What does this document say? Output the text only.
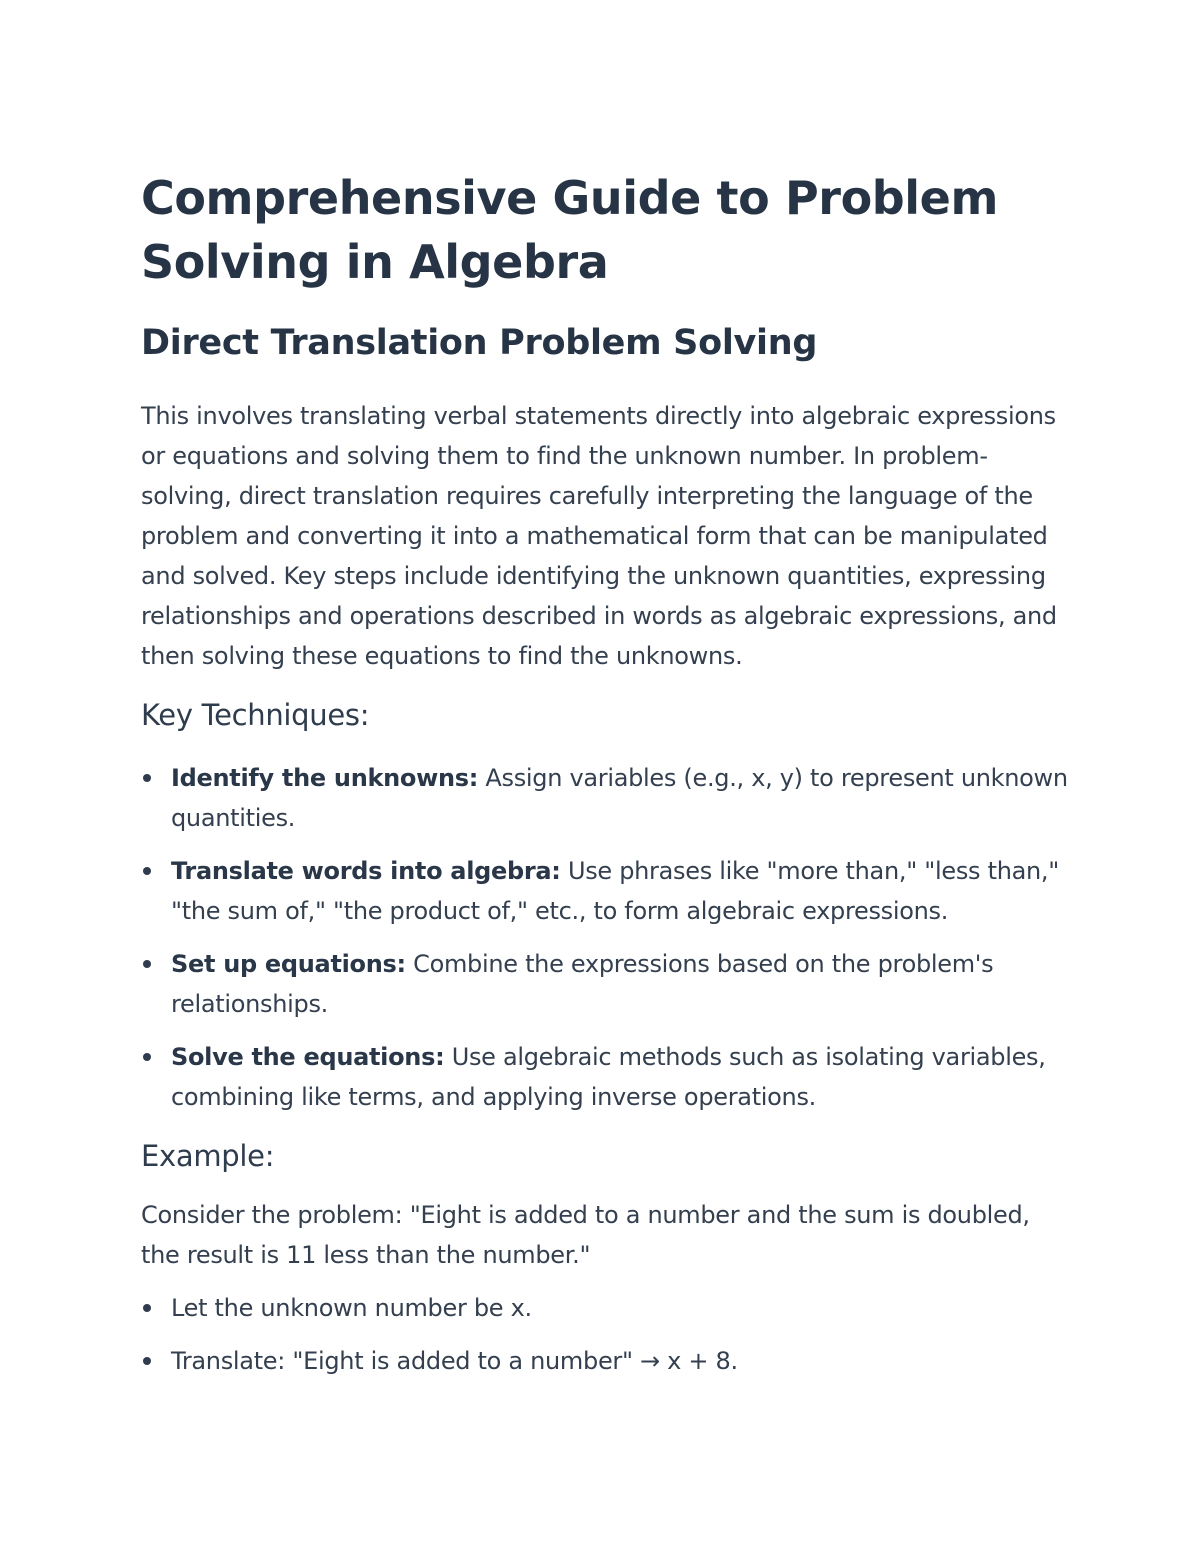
Comprehensive Guide to Problem Solving in Algebra
Direct Translation Problem Solving

This involves translating verbal statements directly into algebraic expressions or equations and solving them to find the unknown number. In problem-solving, direct translation requires carefully interpreting the language of the problem and converting it into a mathematical form that can be manipulated and solved. Key steps include identifying the unknown quantities, expressing relationships and operations described in words as algebraic expressions, and then solving these equations to find the unknowns.

Key Techniques:
Identify the unknowns: Assign variables (e.g., x, y) to represent unknown quantities.
Translate words into algebra: Use phrases like "more than," "less than," "the sum of," "the product of," etc., to form algebraic expressions.
Set up equations: Combine the expressions based on the problem's relationships.
Solve the equations: Use algebraic methods such as isolating variables, combining like terms, and applying inverse operations.
Example:

Consider the problem: "Eight is added to a number and the sum is doubled, the result is 11 less than the number."

Let the unknown number be x.
Translate: "Eight is added to a number" → x + 8.
